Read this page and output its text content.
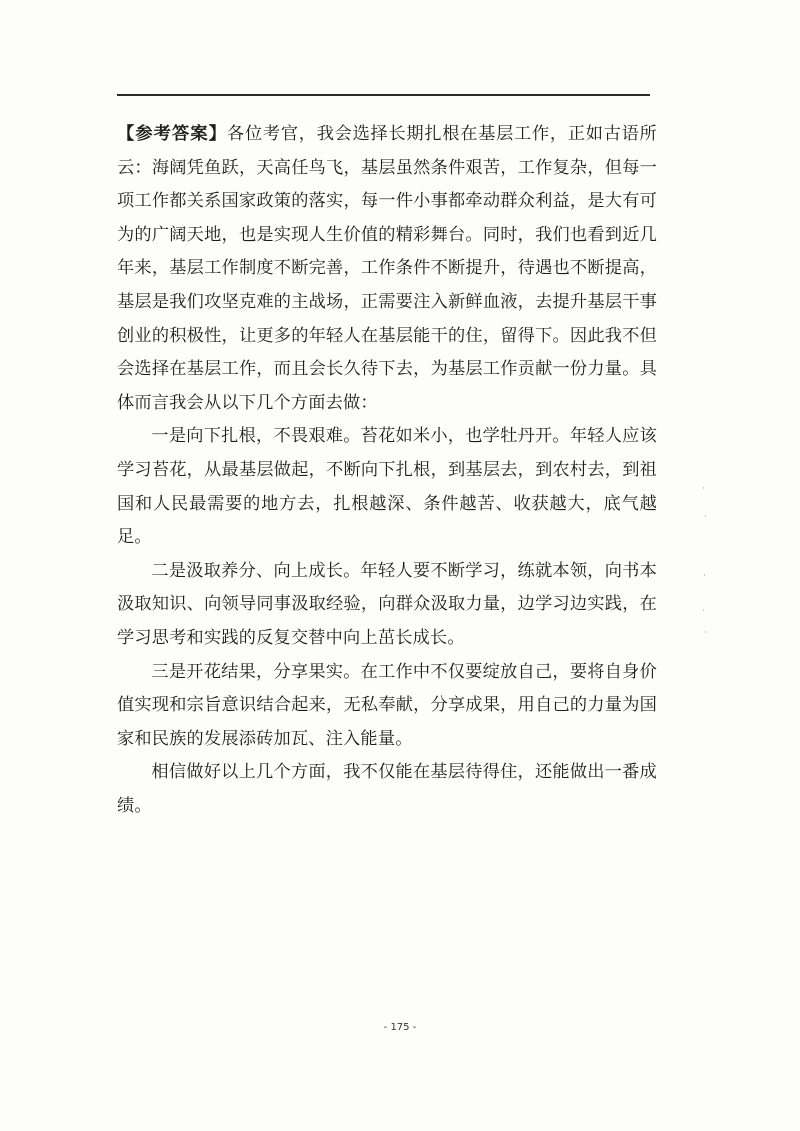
【参考答案】各位考官，我会选择长期扎根在基层工作，正如古语所云：海阔凭鱼跃，天高任鸟飞，基层虽然条件艰苦，工作复杂，但每一项工作都关系国家政策的落实，每一件小事都牵动群众利益，是大有可为的广阔天地，也是实现人生价值的精彩舞台。同时，我们也看到近几年来，基层工作制度不断完善，工作条件不断提升，待遇也不断提高，基层是我们攻坚克难的主战场，正需要注入新鲜血液，去提升基层干事创业的积极性，让更多的年轻人在基层能干的住，留得下。因此我不但会选择在基层工作，而且会长久待下去，为基层工作贡献一份力量。具体而言我会从以下几个方面去做：

一是向下扎根，不畏艰难。苔花如米小，也学牡丹开。年轻人应该学习苔花，从最基层做起，不断向下扎根，到基层去，到农村去，到祖国和人民最需要的地方去，扎根越深、条件越苦、收获越大，底气越足。

二是汲取养分、向上成长。年轻人要不断学习，练就本领，向书本汲取知识、向领导同事汲取经验，向群众汲取力量，边学习边实践，在学习思考和实践的反复交替中向上茁长成长。

三是开花结果，分享果实。在工作中不仅要绽放自己，要将自身价值实现和宗旨意识结合起来，无私奉献，分享成果，用自己的力量为国家和民族的发展添砖加瓦、注入能量。

相信做好以上几个方面，我不仅能在基层待得住，还能做出一番成绩。

·
·
·
·
·
- 175 -
